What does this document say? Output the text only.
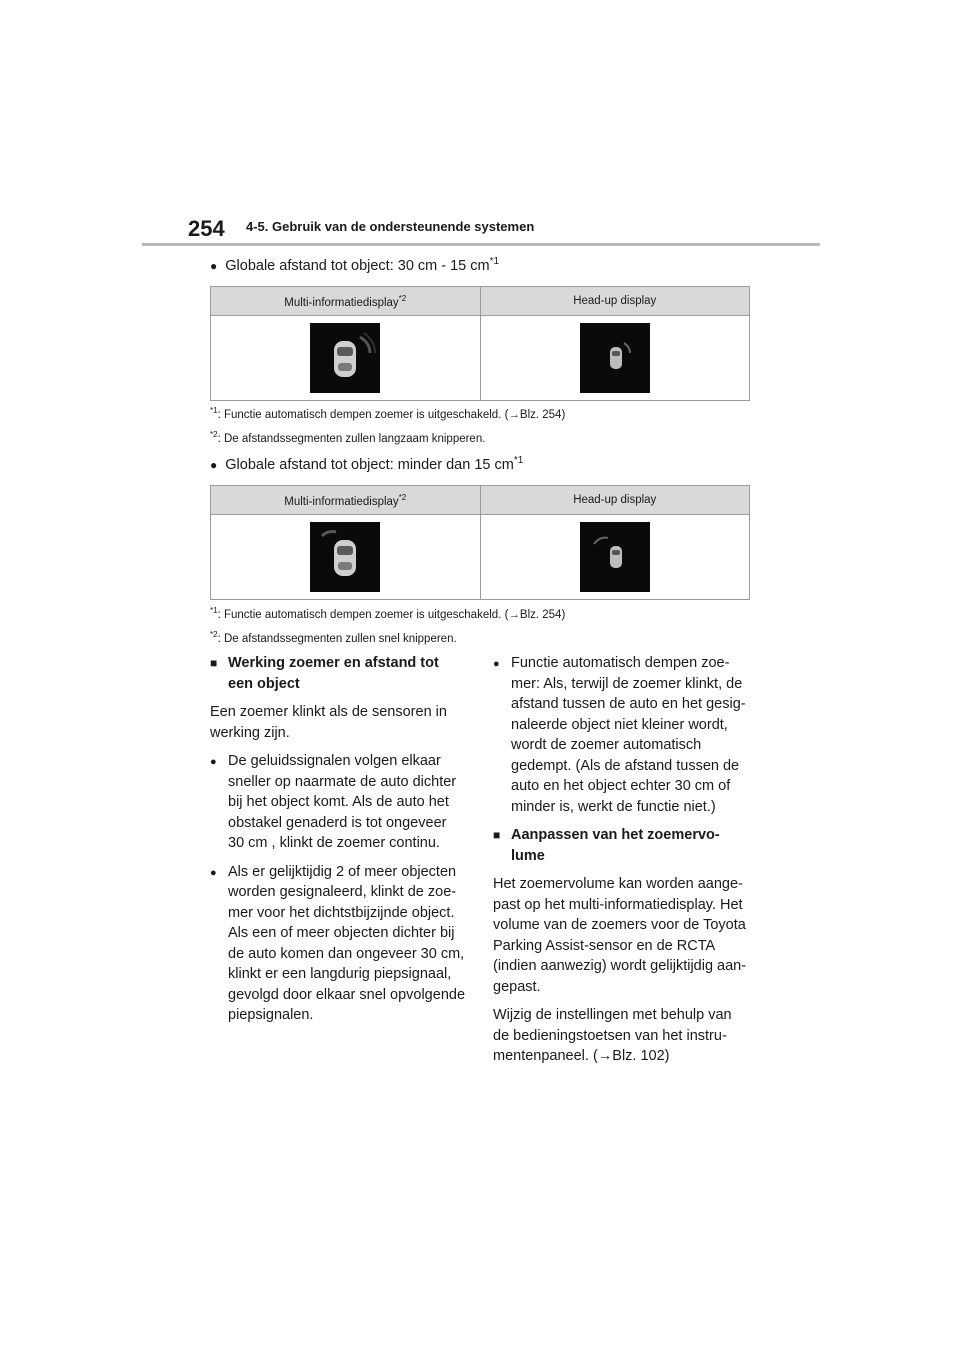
254 4-5. Gebruik van de ondersteunende systemen
● Globale afstand tot object: 30 cm - 15 $cm^{*1}$
Multi-informatiedisplay$^{*2}$	Head-up display

$^{*1}$: Functie automatisch dempen zoemer is uitgeschakeld. (→Blz. 254)
$^{*2}$: De afstandssegmenten zullen langzaam knipperen.
● Globale afstand tot object: minder dan 15 $cm^{*1}$
Multi-informatiedisplay$^{*2}$	Head-up display

$^{*1}$: Functie automatisch dempen zoemer is uitgeschakeld. (→Blz. 254)
$^{*2}$: De afstandssegmenten zullen snel knipperen.
■ Werking zoemer en afstand tot een object

Een zoemer klinkt als de sensoren in werking zijn.

● De geluidssignalen volgen elkaar sneller op naarmate de auto dichter bij het object komt. Als de auto het obstakel genaderd is tot ongeveer 30 cm , klinkt de zoemer continu.
● Als er gelijktijdig 2 of meer objecten worden gesignaleerd, klinkt de zoe-mer voor het dichtstbijzijnde object. Als een of meer objecten dichter bij de auto komen dan ongeveer 30 cm, klinkt er een langdurig piepsignaal, gevolgd door elkaar snel opvolgende piepsignalen.
● Functie automatisch dempen zoe-mer: Als, terwijl de zoemer klinkt, de afstand tussen de auto en het gesig-naleerde object niet kleiner wordt, wordt de zoemer automatisch gedempt. (Als de afstand tussen de auto en het object echter 30 cm of minder is, werkt de functie niet.)
■ Aanpassen van het zoemervo-lume

Het zoemervolume kan worden aange-past op het multi-informatiedisplay. Het volume van de zoemers voor de Toyota Parking Assist-sensor en de RCTA (indien aanwezig) wordt gelijktijdig aan-gepast.

Wijzig de instellingen met behulp van de bedieningstoetsen van het instru-mentenpaneel. (→Blz. 102)
